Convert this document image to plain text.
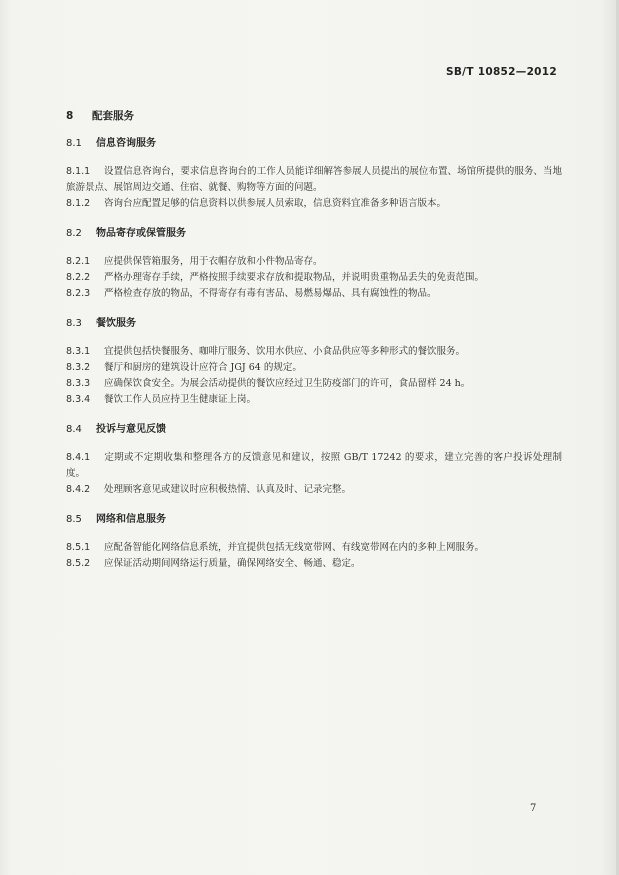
SB/T 10852—2012
8 配套服务
8.1 信息咨询服务
8.1.1 设置信息咨询台，要求信息咨询台的工作人员能详细解答参展人员提出的展位布置、场馆所提供的服务、当地旅游景点、展馆周边交通、住宿、就餐、购物等方面的问题。
8.1.2 咨询台应配置足够的信息资料以供参展人员索取，信息资料宜准备多种语言版本。
8.2 物品寄存或保管服务
8.2.1 应提供保管箱服务，用于衣帽存放和小件物品寄存。
8.2.2 严格办理寄存手续，严格按照手续要求存放和提取物品，并说明贵重物品丢失的免责范围。
8.2.3 严格检查存放的物品，不得寄存有毒有害品、易燃易爆品、具有腐蚀性的物品。
8.3 餐饮服务
8.3.1 宜提供包括快餐服务、咖啡厅服务、饮用水供应、小食品供应等多种形式的餐饮服务。
8.3.2 餐厅和厨房的建筑设计应符合 JGJ 64 的规定。
8.3.3 应确保饮食安全。为展会活动提供的餐饮应经过卫生防疫部门的许可，食品留样 24 h。
8.3.4 餐饮工作人员应持卫生健康证上岗。
8.4 投诉与意见反馈
8.4.1 定期或不定期收集和整理各方的反馈意见和建议，按照 GB/T 17242 的要求，建立完善的客户投诉处理制度。
8.4.2 处理顾客意见或建议时应积极热情、认真及时、记录完整。
8.5 网络和信息服务
8.5.1 应配备智能化网络信息系统，并宜提供包括无线宽带网、有线宽带网在内的多种上网服务。
8.5.2 应保证活动期间网络运行质量，确保网络安全、畅通、稳定。
7
